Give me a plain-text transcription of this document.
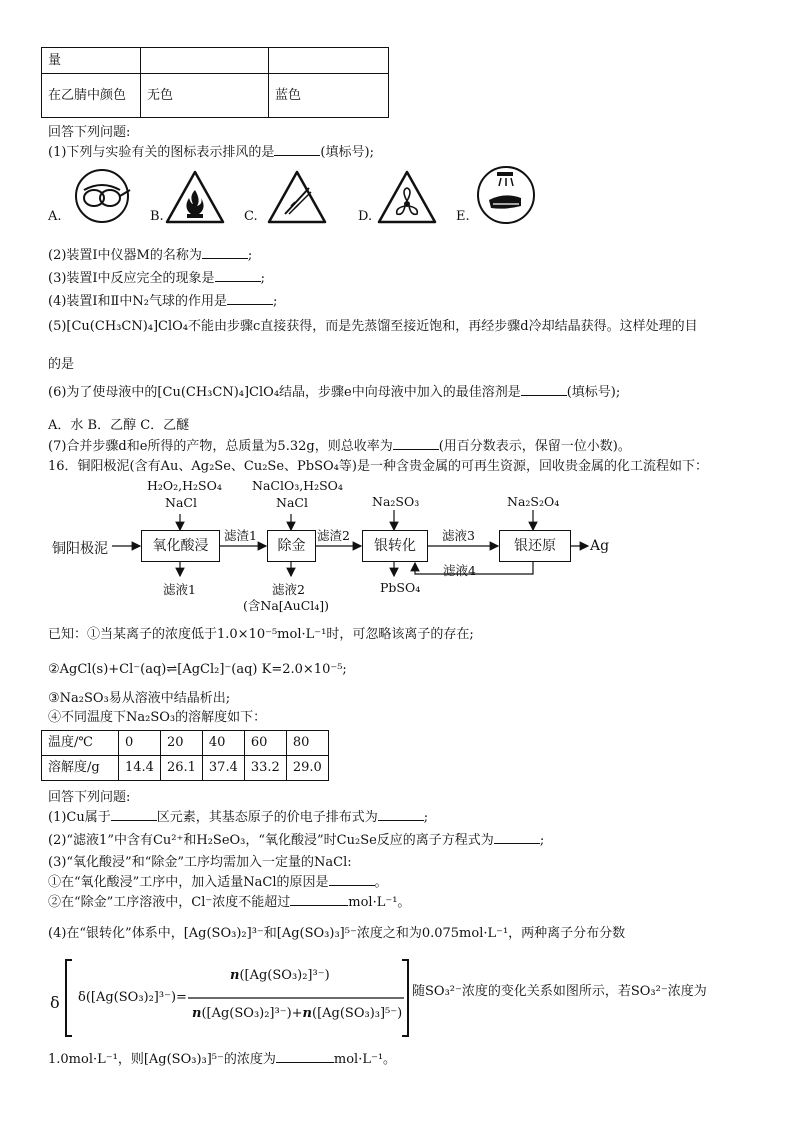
量		
在乙腈中颜色	无色	蓝色
回答下列问题:
(1)下列与实验有关的图标表示排风的是	(填标号);
A.	B.	C.	D.	E.
(2)装置Ⅰ中仪器M的名称为	;
(3)装置Ⅰ中反应完全的现象是	;
(4)装置Ⅰ和Ⅱ中N₂气球的作用是	;
(5)[Cu(CH₃CN)₄]ClO₄不能由步骤c直接获得，而是先蒸馏至接近饱和，再经步骤d冷却结晶获得。这样处理的目
的是
(6)为了使母液中的[Cu(CH₃CN)₄]ClO₄结晶，步骤e中向母液中加入的最佳溶剂是	(填标号);
A．水 B．乙醇 C．乙醚
(7)合并步骤d和e所得的产物，总质量为5.32g，则总收率为	(用百分数表示，保留一位小数)。
16．铜阳极泥(含有Au、Ag₂Se、Cu₂Se、PbSO₄等)是一种含贵金属的可再生资源，回收贵金属的化工流程如下：
铜阳极泥	氧化酸浸	除金	银转化	银还原	Ag
H₂O₂,H₂SO₄
NaCl
NaClO₃,H₂SO₄
NaCl	Na₂SO₃	Na₂S₂O₄
滤渣1	滤渣2	滤液3
滤液4
滤液1	滤液2
(含Na[AuCl₄])
PbSO₄
已知：①当某离子的浓度低于1.0×10⁻⁵mol·L⁻¹时，可忽略该离子的存在;
②AgCl(s)+Cl⁻(aq)⇌[AgCl₂]⁻(aq) K=2.0×10⁻⁵;
③Na₂SO₃易从溶液中结晶析出;
④不同温度下Na₂SO₃的溶解度如下：
温度/℃	0	20	40	60	80
溶解度/g	14.4	26.1	37.4	33.2	29.0
回答下列问题:
(1)Cu属于	区元素，其基态原子的价电子排布式为	;
(2)“滤液1”中含有Cu²⁺和H₂SeO₃，“氧化酸浸”时Cu₂Se反应的离子方程式为	;
(3)“氧化酸浸”和“除金”工序均需加入一定量的NaCl:
①在“氧化酸浸”工序中，加入适量NaCl的原因是	。
②在“除金”工序溶液中，Cl⁻浓度不能超过	mol·L⁻¹。
(4)在“银转化”体系中，[Ag(SO₃)₂]³⁻和[Ag(SO₃)₃]⁵⁻浓度之和为0.075mol·L⁻¹，两种离子分布分数
δ δ([Ag(SO₃)₂]³⁻)=
n([Ag(SO₃)₂]³⁻)
n([Ag(SO₃)₂]³⁻)+n([Ag(SO₃)₃]⁵⁻)
随SO₃²⁻浓度的变化关系如图所示，若SO₃²⁻浓度为
1.0mol·L⁻¹，则[Ag(SO₃)₃]⁵⁻的浓度为	mol·L⁻¹。
